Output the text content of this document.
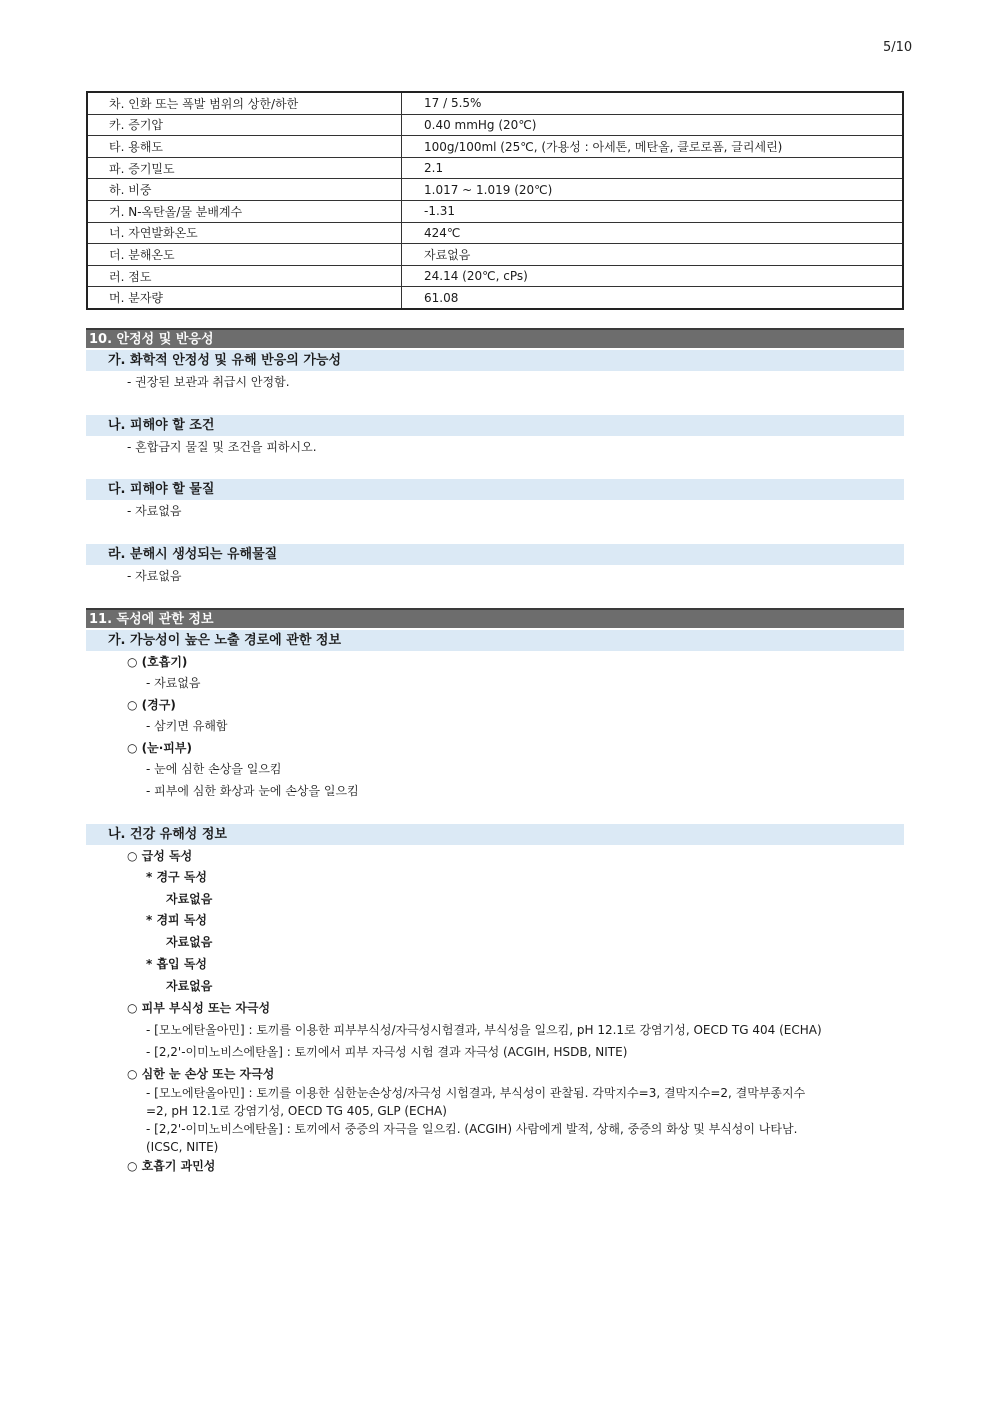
5/10
차. 인화 또는 폭발 범위의 상한/하한	17 / 5.5%
카. 증기압	0.40 mmHg (20℃)
타. 용해도	100g/100ml (25℃, (가용성 : 아세톤, 메탄올, 클로로폼, 글리세린)
파. 증기밀도	2.1
하. 비중	1.017 ~ 1.019 (20℃)
거. N-옥탄올/물 분배계수	-1.31
너. 자연발화온도	424℃
더. 분해온도	자료없음
러. 점도	24.14 (20℃, cPs)
머. 분자량	61.08
10. 안정성 및 반응성
가. 화학적 안정성 및 유해 반응의 가능성
- 권장된 보관과 취급시 안정함.
나. 피해야 할 조건
- 혼합금지 물질 및 조건을 피하시오.
다. 피해야 할 물질
- 자료없음
라. 분해시 생성되는 유해물질
- 자료없음
11. 독성에 관한 정보
가. 가능성이 높은 노출 경로에 관한 정보
○ (호흡기)
- 자료없음
○ (경구)
- 삼키면 유해함
○ (눈·피부)
- 눈에 심한 손상을 일으킴
- 피부에 심한 화상과 눈에 손상을 일으킴
나. 건강 유해성 정보
○ 급성 독성
* 경구 독성
자료없음
* 경피 독성
자료없음
* 흡입 독성
자료없음
○ 피부 부식성 또는 자극성
- [모노에탄올아민] : 토끼를 이용한 피부부식성/자극성시험결과, 부식성을 일으킴, pH 12.1로 강염기성, OECD TG 404 (ECHA)
- [2,2'-이미노비스에탄올] : 토끼에서 피부 자극성 시험 결과 자극성 (ACGIH, HSDB, NITE)
○ 심한 눈 손상 또는 자극성
- [모노에탄올아민] : 토끼를 이용한 심한눈손상성/자극성 시험결과, 부식성이 관찰됨. 각막지수=3, 결막지수=2, 결막부종지수
=2, pH 12.1로 강염기성, OECD TG 405, GLP (ECHA)
- [2,2'-이미노비스에탄올] : 토끼에서 중증의 자극을 일으킴. (ACGIH) 사람에게 발적, 상해, 중증의 화상 및 부식성이 나타남.
(ICSC, NITE)
○ 호흡기 과민성
